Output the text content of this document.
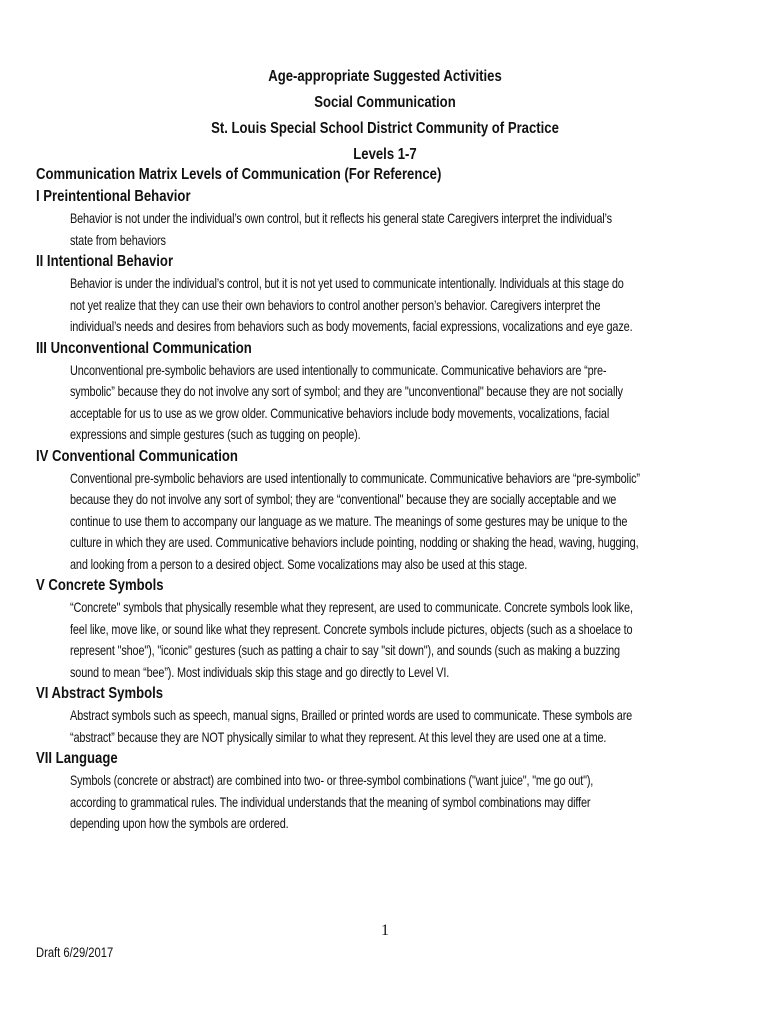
Age-appropriate Suggested Activities
Social Communication
St. Louis Special School District Community of Practice
Levels 1-7
Communication Matrix Levels of Communication (For Reference)
I Preintentional Behavior
Behavior is not under the individual’s own control, but it reflects his general state Caregivers interpret the individual’s
state from behaviors
II Intentional Behavior
Behavior is under the individual’s control, but it is not yet used to communicate intentionally. Individuals at this stage do
not yet realize that they can use their own behaviors to control another person’s behavior. Caregivers interpret the
individual’s needs and desires from behaviors such as body movements, facial expressions, vocalizations and eye gaze.
III Unconventional Communication
Unconventional pre-symbolic behaviors are used intentionally to communicate. Communicative behaviors are “pre-
symbolic” because they do not involve any sort of symbol; and they are "unconventional" because they are not socially
acceptable for us to use as we grow older. Communicative behaviors include body movements, vocalizations, facial
expressions and simple gestures (such as tugging on people).
IV Conventional Communication
Conventional pre-symbolic behaviors are used intentionally to communicate. Communicative behaviors are “pre-symbolic”
because they do not involve any sort of symbol; they are “conventional" because they are socially acceptable and we
continue to use them to accompany our language as we mature. The meanings of some gestures may be unique to the
culture in which they are used. Communicative behaviors include pointing, nodding or shaking the head, waving, hugging,
and looking from a person to a desired object. Some vocalizations may also be used at this stage.
V Concrete Symbols
“Concrete" symbols that physically resemble what they represent, are used to communicate. Concrete symbols look like,
feel like, move like, or sound like what they represent. Concrete symbols include pictures, objects (such as a shoelace to
represent "shoe"), "iconic" gestures (such as patting a chair to say "sit down"), and sounds (such as making a buzzing
sound to mean “bee”). Most individuals skip this stage and go directly to Level VI.
VI Abstract Symbols
Abstract symbols such as speech, manual signs, Brailled or printed words are used to communicate. These symbols are
“abstract” because they are NOT physically similar to what they represent. At this level they are used one at a time.
VII Language
Symbols (concrete or abstract) are combined into two- or three-symbol combinations ("want juice", "me go out"),
according to grammatical rules. The individual understands that the meaning of symbol combinations may differ
depending upon how the symbols are ordered.
1
Draft 6/29/2017
